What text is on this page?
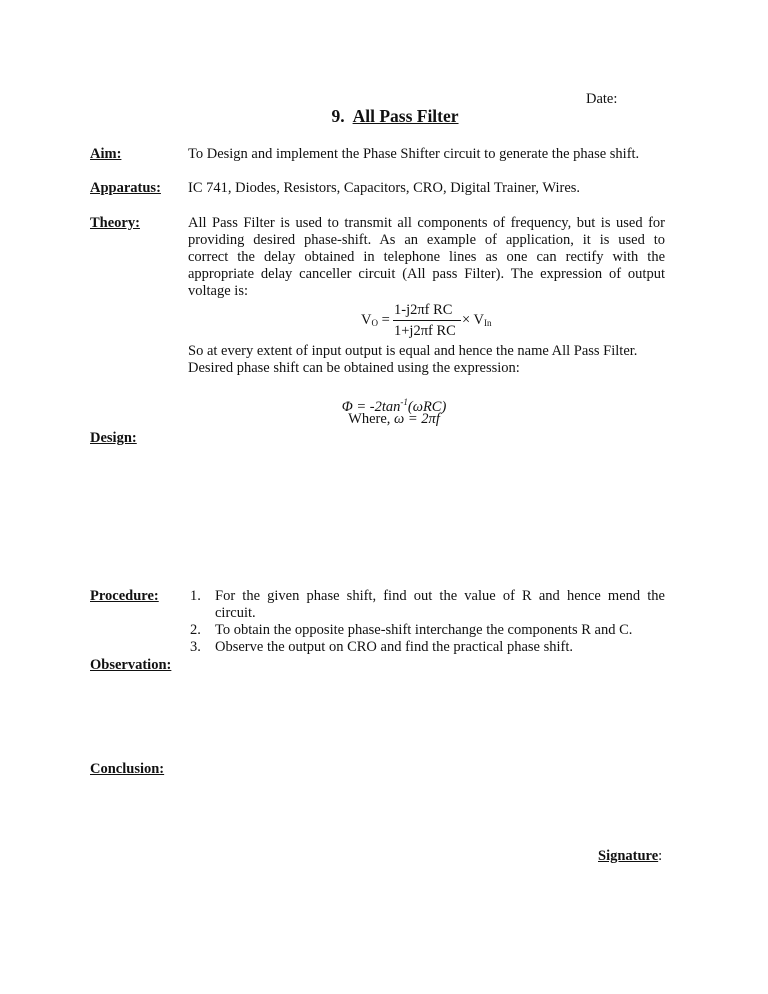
Date:
9. All Pass Filter
Aim:	To Design and implement the Phase Shifter circuit to generate the phase shift.
Apparatus: IC 741, Diodes, Resistors, Capacitors, CRO, Digital Trainer, Wires.
Theory:	All Pass Filter is used to transmit all components of frequency, but is used for
providing desired phase-shift. As an example of application, it is used to
correct the delay obtained in telephone lines as one can rectify with the
appropriate delay canceller circuit (All pass Filter). The expression of output
voltage is:
$V_O$ =
1-j2πf RC
1+j2πf RC
× $V_{In}$
So at every extent of input output is equal and hence the name All Pass Filter.
Desired phase shift can be obtained using the expression:
$\Phi = -2\tan^{-1}(\omega RC)$
Where, ω = 2πf
Design:
Procedure: 1. For the given phase shift, find out the value of R and hence mend the
circuit.
2. To obtain the opposite phase-shift interchange the components R and C.
3. Observe the output on CRO and find the practical phase shift.
Observation:
Conclusion:
Signature:
